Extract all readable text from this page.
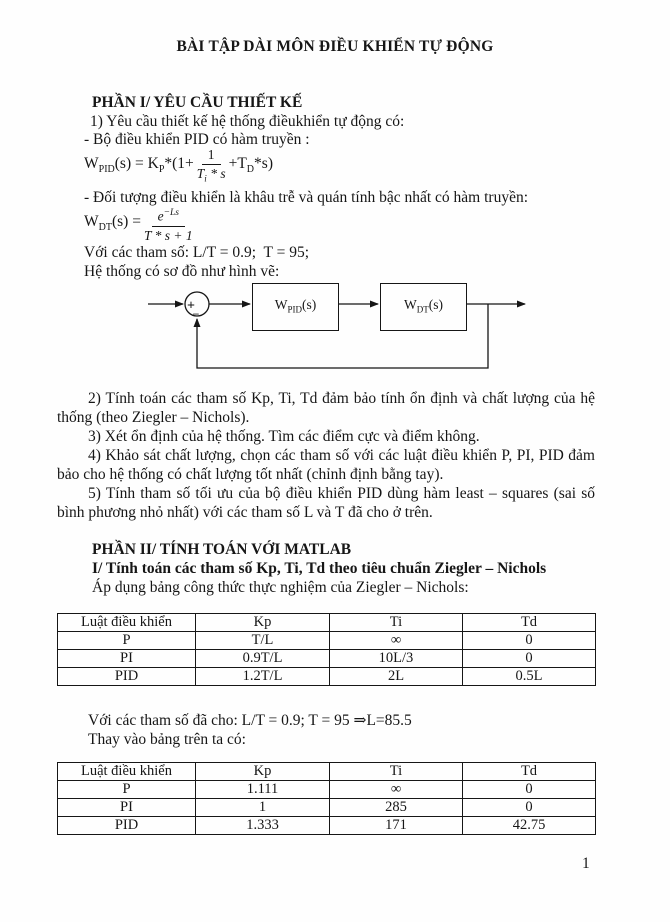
BÀI TẬP DÀI MÔN ĐIỀU KHIỂN TỰ ĐỘNG
PHẦN I/ YÊU CẦU THIẾT KẾ
1) Yêu cầu thiết kế hệ thống điềukhiển tự động có:
- Bộ điều khiển PID có hàm truyền :
$W_{PID}(s) = K_P*(1+ \frac{1}{T_i * s} +T_D*s)$
- Đối tượng điều khiển là khâu trễ và quán tính bậc nhất có hàm truyền:
$W_{DT}(s) = \frac{e^{-Ls}}{T * s + 1}$
Với các tham số: L/T = 0.9;  T = 95;
Hệ thống có sơ đồ như hình vẽ:
+
−
$W_{PID}(s)$	$W_{DT}(s)$

2) Tính toán các tham số Kp, Ti, Td đảm bảo tính ổn định và chất lượng của hệ thống (theo Ziegler – Nichols).

3) Xét ổn định của hệ thống. Tìm các điểm cực và điểm không.

4) Khảo sát chất lượng, chọn các tham số với các luật điều khiển P, PI, PID đảm bảo cho hệ thống có chất lượng tốt nhất (chỉnh định bằng tay).

5) Tính tham số tối ưu của bộ điều khiển PID dùng hàm least – squares (sai số bình phương nhỏ nhất) với các tham số L và T đã cho ở trên.

PHẦN II/ TÍNH TOÁN VỚI MATLAB
I/ Tính toán các tham số Kp, Ti, Td theo tiêu chuẩn Ziegler – Nichols
Áp dụng bảng công thức thực nghiệm của Ziegler – Nichols:
Luật điều khiển	Kp	Ti	Td
P	T/L	∞	0
PI	0.9T/L	10L/3	0
PID	1.2T/L	2L	0.5L
Với các tham số đã cho: L/T = 0.9; T = 95 ⇒L=85.5
Thay vào bảng trên ta có:
Luật điều khiển	Kp	Ti	Td
P	1.111	∞	0
PI	1	285	0
PID	1.333	171	42.75
1
